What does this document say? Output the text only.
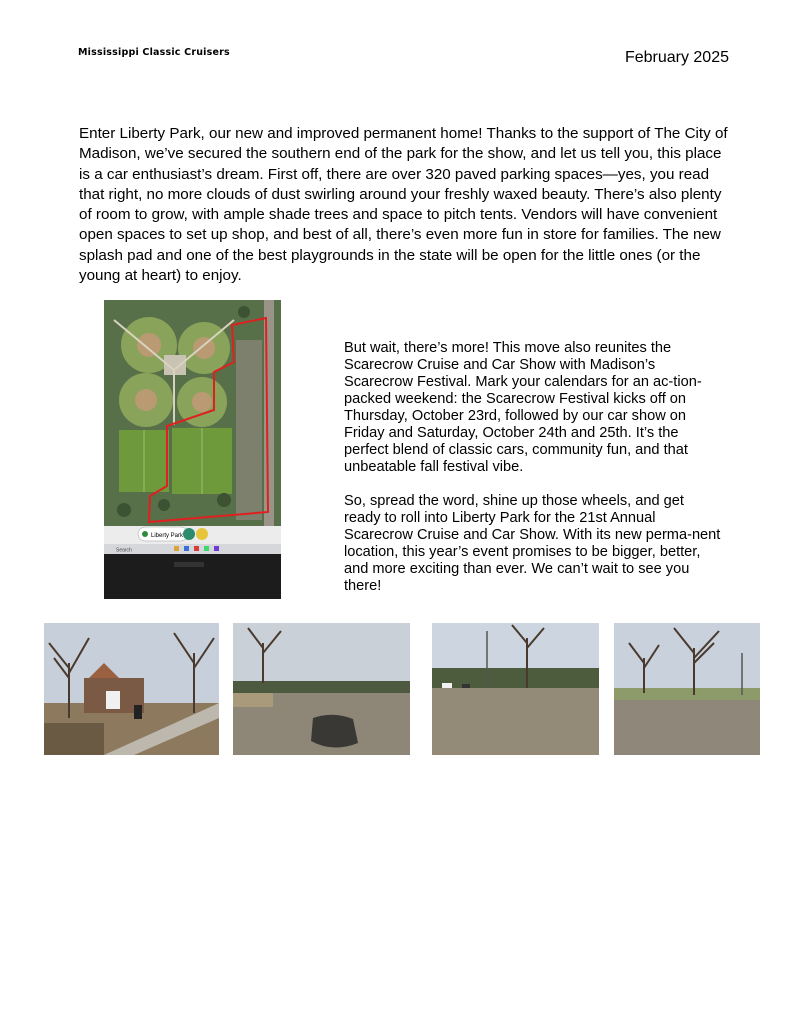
Mississippi Classic Cruisers	February 2025

Enter Liberty Park, our new and improved permanent home! Thanks to the support of The City of Madison, we’ve secured the southern end of the park for the show, and let us tell you, this place is a car enthusiast’s dream. First off, there are over 320 paved parking spaces—yes, you read that right, no more clouds of dust swirling around your freshly waxed beauty. There’s also plenty of room to grow, with ample shade trees and space to pitch tents. Vendors will have convenient open spaces to set up shop, and best of all, there’s even more fun in store for families. The new splash pad and one of the best playgrounds in the state will be open for the little ones (or the young at heart) to enjoy.

Liberty Park
Search

But wait, there’s more! This move also reunites the Scarecrow Cruise and Car Show with Madison’s Scarecrow Festival. Mark your calendars for an ac-tion-packed weekend: the Scarecrow Festival kicks off on Thursday, October 23rd, followed by our car show on Friday and Saturday, October 24th and 25th. It’s the perfect blend of classic cars, community fun, and that unbeatable fall festival vibe.

So, spread the word, shine up those wheels, and get ready to roll into Liberty Park for the 21st Annual Scarecrow Cruise and Car Show. With its new perma-nent location, this year’s event promises to be bigger, better, and more exciting than ever. We can’t wait to see you there!
